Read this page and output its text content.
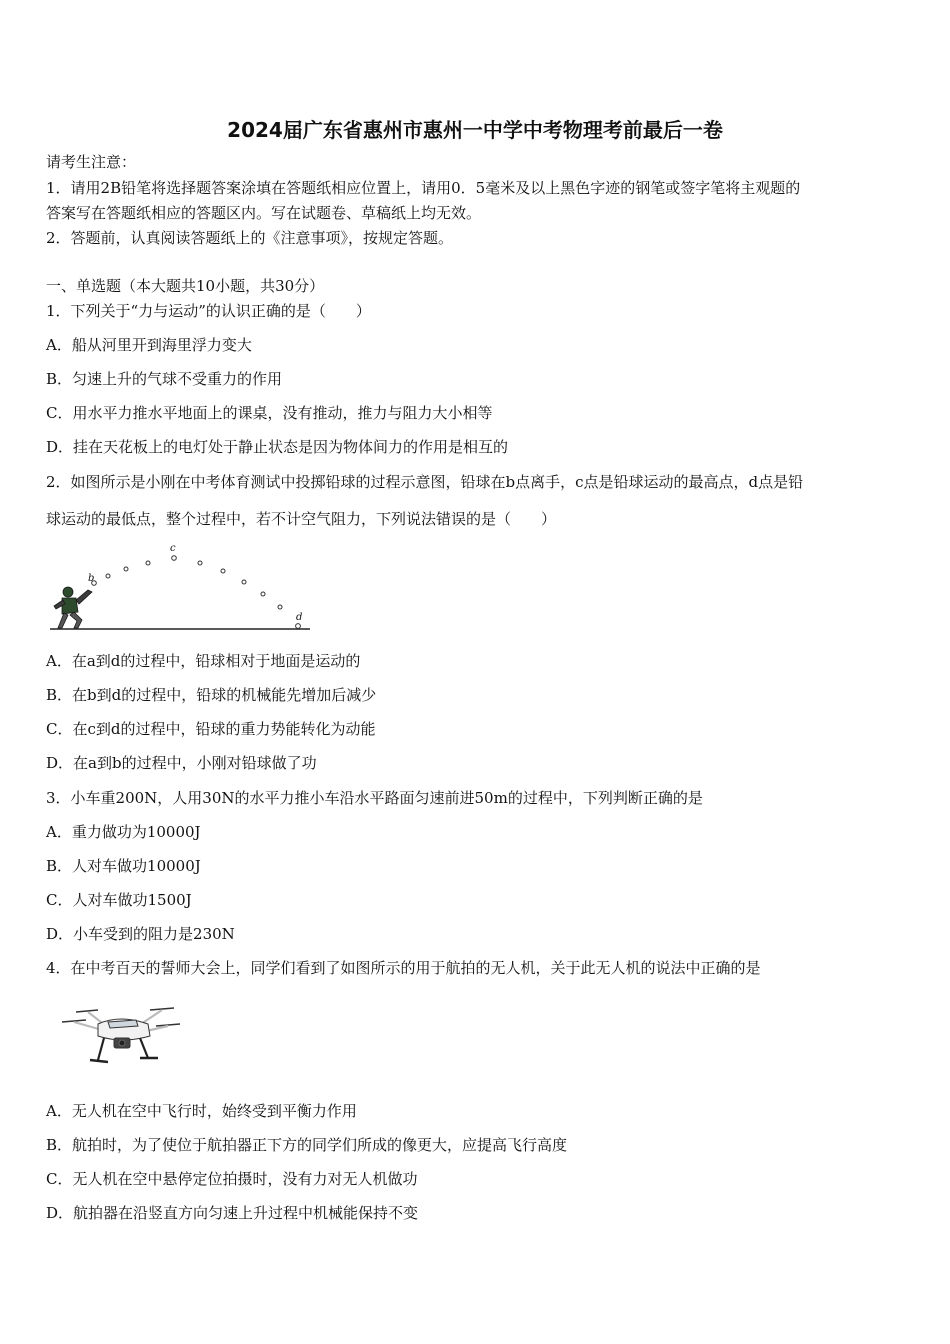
2024届广东省惠州市惠州一中学中考物理考前最后一卷
请考生注意：
1．请用2B铅笔将选择题答案涂填在答题纸相应位置上，请用0．5毫米及以上黑色字迹的钢笔或签字笔将主观题的
答案写在答题纸相应的答题区内。写在试题卷、草稿纸上均无效。
2．答题前，认真阅读答题纸上的《注意事项》，按规定答题。
一、单选题（本大题共10小题，共30分）
1．下列关于“力与运动”的认识正确的是（　　）
A．船从河里开到海里浮力变大
B．匀速上升的气球不受重力的作用
C．用水平力推水平地面上的课桌，没有推动，推力与阻力大小相等
D．挂在天花板上的电灯处于静止状态是因为物体间力的作用是相互的
2．如图所示是小刚在中考体育测试中投掷铅球的过程示意图，铅球在b点离手，c点是铅球运动的最高点，d点是铅
球运动的最低点，整个过程中，若不计空气阻力，下列说法错误的是（　　）
b
c
d
A．在a到d的过程中，铅球相对于地面是运动的
B．在b到d的过程中，铅球的机械能先增加后减少
C．在c到d的过程中，铅球的重力势能转化为动能
D．在a到b的过程中，小刚对铅球做了功
3．小车重200N，人用30N的水平力推小车沿水平路面匀速前进50m的过程中，下列判断正确的是
A．重力做功为10000J
B．人对车做功10000J
C．人对车做功1500J
D．小车受到的阻力是230N
4．在中考百天的誓师大会上，同学们看到了如图所示的用于航拍的无人机，关于此无人机的说法中正确的是
A．无人机在空中飞行时，始终受到平衡力作用
B．航拍时，为了使位于航拍器正下方的同学们所成的像更大，应提高飞行高度
C．无人机在空中悬停定位拍摄时，没有力对无人机做功
D．航拍器在沿竖直方向匀速上升过程中机械能保持不变
